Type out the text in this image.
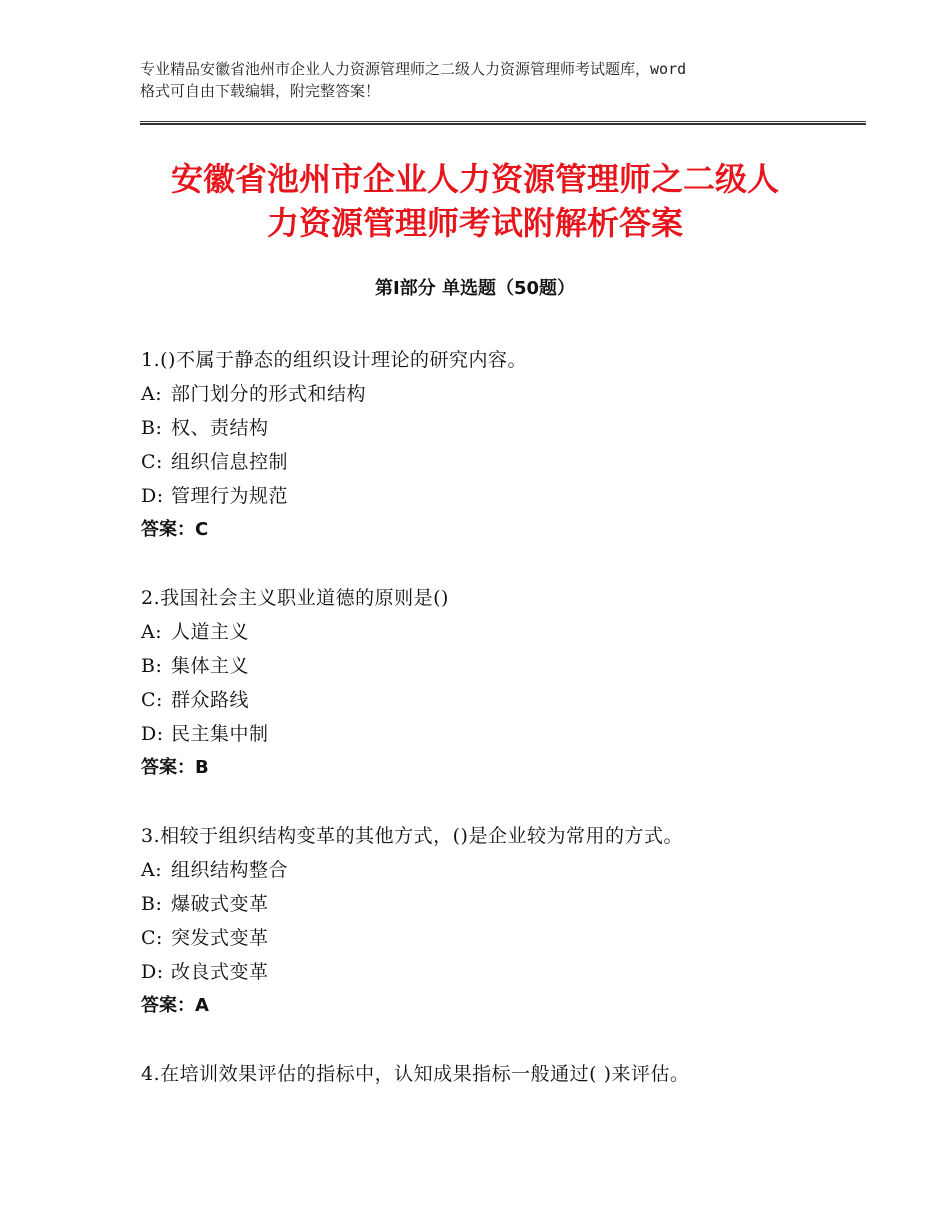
专业精品安徽省池州市企业人力资源管理师之二级人力资源管理师考试题库，word
格式可自由下载编辑，附完整答案！
安徽省池州市企业人力资源管理师之二级人
力资源管理师考试附解析答案
第Ⅰ部分 单选题（50题）
1.()不属于静态的组织设计理论的研究内容。
A: 部门划分的形式和结构
B: 权、责结构
C: 组织信息控制
D: 管理行为规范
答案：C
2.我国社会主义职业道德的原则是()
A: 人道主义
B: 集体主义
C: 群众路线
D: 民主集中制
答案：B
3.相较于组织结构变革的其他方式，()是企业较为常用的方式。
A: 组织结构整合
B: 爆破式变革
C: 突发式变革
D: 改良式变革
答案：A
4.在培训效果评估的指标中，认知成果指标一般通过( )来评估。
